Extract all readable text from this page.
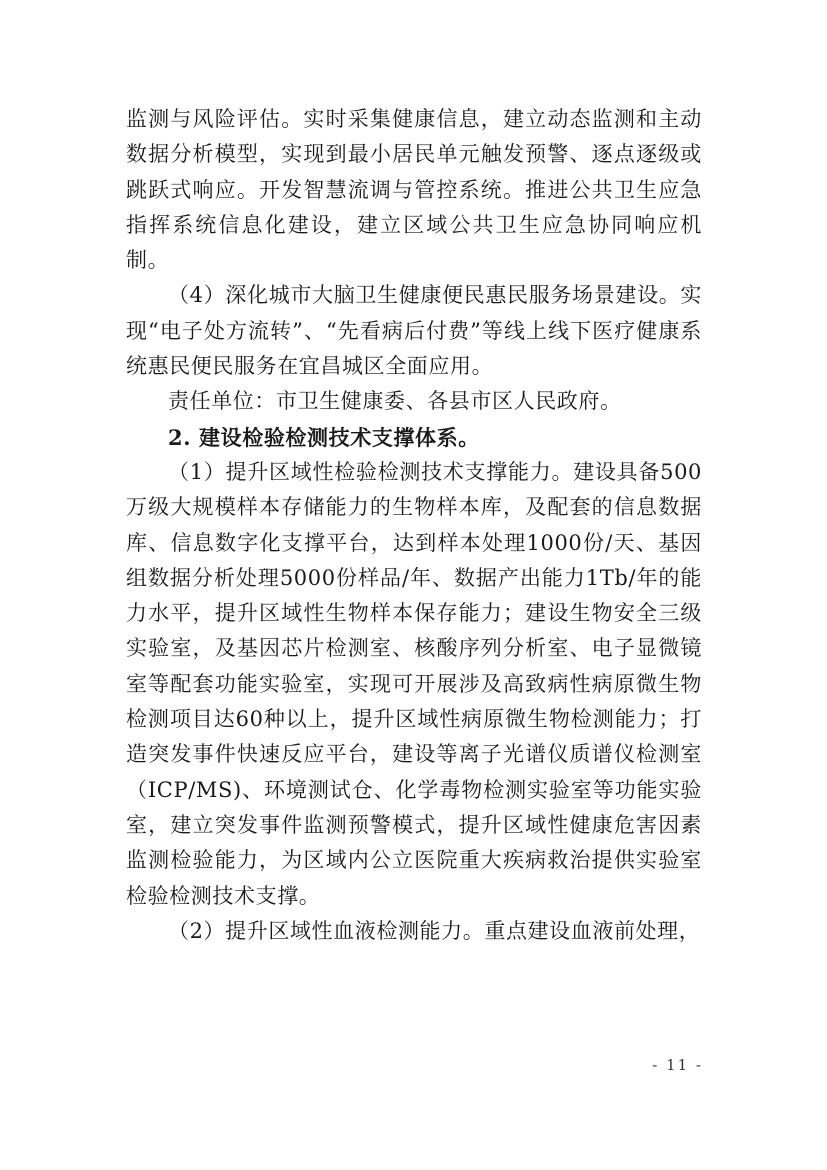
监测与风险评估。实时采集健康信息，建立动态监测和主动数据分析模型，实现到最小居民单元触发预警、逐点逐级或跳跃式响应。开发智慧流调与管控系统。推进公共卫生应急指挥系统信息化建设，建立区域公共卫生应急协同响应机制。

（4）深化城市大脑卫生健康便民惠民服务场景建设。实现“电子处方流转”、“先看病后付费”等线上线下医疗健康系统惠民便民服务在宜昌城区全面应用。

责任单位：市卫生健康委、各县市区人民政府。

2. 建设检验检测技术支撑体系。

（1）提升区域性检验检测技术支撑能力。建设具备500万级大规模样本存储能力的生物样本库，及配套的信息数据库、信息数字化支撑平台，达到样本处理1000份/天、基因组数据分析处理5000份样品/年、数据产出能力1Tb/年的能力水平，提升区域性生物样本保存能力；建设生物安全三级实验室，及基因芯片检测室、核酸序列分析室、电子显微镜室等配套功能实验室，实现可开展涉及高致病性病原微生物检测项目达60种以上，提升区域性病原微生物检测能力；打造突发事件快速反应平台，建设等离子光谱仪质谱仪检测室（ICP/MS)、环境测试仓、化学毒物检测实验室等功能实验室，建立突发事件监测预警模式，提升区域性健康危害因素监测检验能力，为区域内公立医院重大疾病救治提供实验室检验检测技术支撑。

（2）提升区域性血液检测能力。重点建设血液前处理，

- 11 -
